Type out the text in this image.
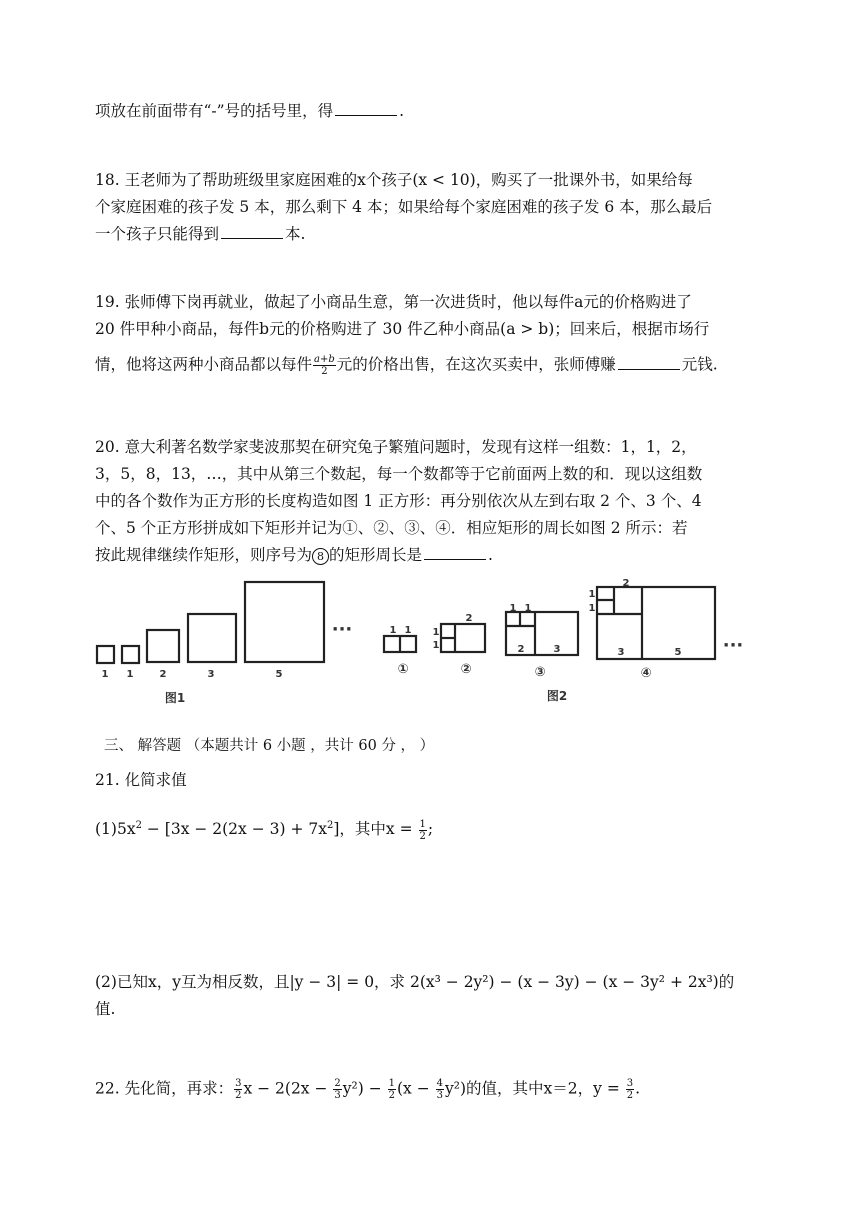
项放在前面带有“-”号的括号里，得	.
18. 王老师为了帮助班级里家庭困难的x个孩子(x < 10)，购买了一批课外书，如果给每
个家庭困难的孩子发 5 本，那么剩下 4 本；如果给每个家庭困难的孩子发 6 本，那么最后
一个孩子只能得到	本.
19. 张师傅下岗再就业，做起了小商品生意，第一次进货时，他以每件a元的价格购进了
20 件甲种小商品，每件b元的价格购进了 30 件乙种小商品(a > b)；回来后，根据市场行
情，他将这两种小商品都以每件 $\frac{a+b}{2}$ 元的价格出售，在这次买卖中，张师傅赚	元钱.
20. 意大利著名数学家斐波那契在研究兔子繁殖问题时，发现有这样一组数：1，1，2，
3，5，8，13，…，其中从第三个数起，每一个数都等于它前面两上数的和．现以这组数
中的各个数作为正方形的长度构造如图 1 正方形：再分别依次从左到右取 2 个、3 个、4
个、5 个正方形拼成如下矩形并记为①、②、③、④．相应矩形的周长如图 2 所示：若
按此规律继续作矩形，则序号为 8 的矩形周长是	.
1 1	2	3	5
图1
···	1 1
2
1
1
1 1
2	3
2
1
1
3	5
①	②	③	④
图2
···
三、 解答题 （本题共计 6 小题 ，共计 60 分 ， ）
21. 化简求值
$(1)5x^2 - [3x - 2(2x - 3) + 7x^2]$，其中$x = \frac{1}{2}$ ;
(2)已知x，y互为相反数，且|y − 3| = 0，求 2(x³ − 2y²) − (x − 3y) − (x − 3y² + 2x³)的
值.
22. 先化简，再求： $\frac{3}{2}$ $x - 2(2x - \frac{2}{3} y^2) - \frac{1}{2} (x - \frac{4}{3} y^2)$的值，其中x＝2，$y = \frac{3}{2}$ .
